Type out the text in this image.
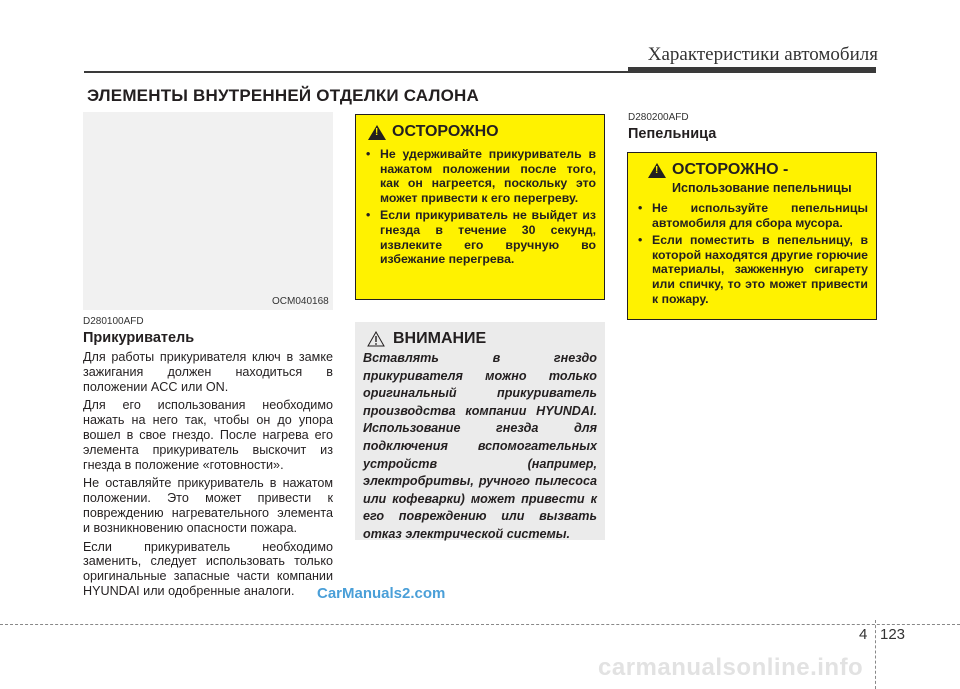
Характеристики автомобиля
ЭЛЕМЕНТЫ ВНУТРЕННЕЙ ОТДЕЛКИ САЛОНА
OCM040168
D280100AFD
Прикуриватель

Для работы прикуривателя ключ в замке зажигания должен находиться в положении ACC или ON.

Для его использования необходимо нажать на него так, чтобы он до упора вошел в свое гнездо. После нагрева его элемента прикуриватель выскочит из гнезда в положение «готовности».

Не оставляйте прикуриватель в нажатом положении. Это может привести к повреждению нагревательного элемента и возникновению опасности пожара.

Если прикуриватель необходимо заменить, следует использовать только оригинальные запасные части компании HYUNDAI или одобренные аналоги.

! ОСТОРОЖНО
• Не удерживайте прикуриватель в нажатом положении после того, как он нагреется, поскольку это может привести к его перегреву.
• Если прикуриватель не выйдет из гнезда в течение 30 секунд, извлеките его вручную во избежание перегрева.
ВНИМАНИЕ
Вставлять в гнездо прикуривателя можно только оригинальный прикуриватель производства компании HYUNDAI. Использование гнезда для подключения вспомогательных устройств (например, электробритвы, ручного пылесоса или кофеварки) может привести к его повреждению или вызвать отказ электрической системы.
D280200AFD
Пепельница
! ОСТОРОЖНО -
Использование пепельницы
• Не используйте пепельницы автомобиля для сбора мусора.
• Если поместить в пепельницу, в которой находятся другие горючие материалы, зажженную сигарету или спичку, то это может привести к пожару.
CarManuals2.com
4 123
carmanualsonline.info
